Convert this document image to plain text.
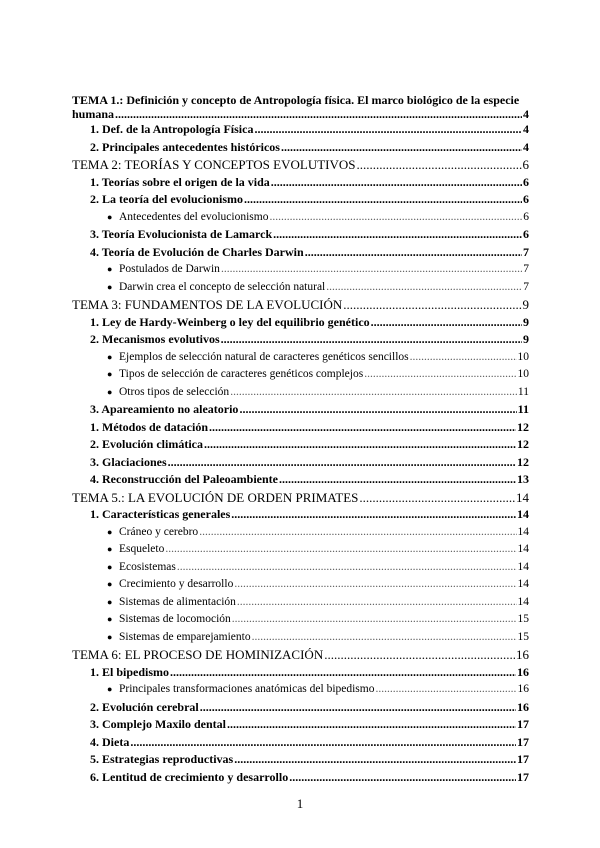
TEMA 1.: Definición y concepto de Antropología física. El marco biológico de la especie
humana .....	4
1. Def. de la Antropología Física .....	4
2. Principales antecedentes históricos .....	4
TEMA 2: TEORÍAS Y CONCEPTOS EVOLUTIVOS .....	6
1. Teorías sobre el origen de la vida .....	6
2. La teoría del evolucionismo .....	6
● Antecedentes del evolucionismo .....	6
3. Teoría Evolucionista de Lamarck .....	6
4. Teoría de Evolución de Charles Darwin .....	7
● Postulados de Darwin .....	7
● Darwin crea el concepto de selección natural .....	7
TEMA 3: FUNDAMENTOS DE LA EVOLUCIÓN .....	9
1. Ley de Hardy-Weinberg o ley del equilibrio genético .....	9
2. Mecanismos evolutivos .....	9
● Ejemplos de selección natural de caracteres genéticos sencillos .....	10
● Tipos de selección de caracteres genéticos complejos .....	10
● Otros tipos de selección .....	11
3. Apareamiento no aleatorio .....	11
1. Métodos de datación .....	12
2. Evolución climática .....	12
3. Glaciaciones .....	12
4. Reconstrucción del Paleoambiente .....	13
TEMA 5.: LA EVOLUCIÓN DE ORDEN PRIMATES .....	14
1. Características generales .....	14
● Cráneo y cerebro .....	14
● Esqueleto .....	14
● Ecosistemas .....	14
● Crecimiento y desarrollo .....	14
● Sistemas de alimentación .....	14
● Sistemas de locomoción .....	15
● Sistemas de emparejamiento .....	15
TEMA 6: EL PROCESO DE HOMINIZACIÓN .....	16
1. El bipedismo .....	16
● Principales transformaciones anatómicas del bipedismo .....	16
2. Evolución cerebral .....	16
3. Complejo Maxilo dental .....	17
4. Dieta .....	17
5. Estrategias reproductivas .....	17
6. Lentitud de crecimiento y desarrollo .....	17
1
